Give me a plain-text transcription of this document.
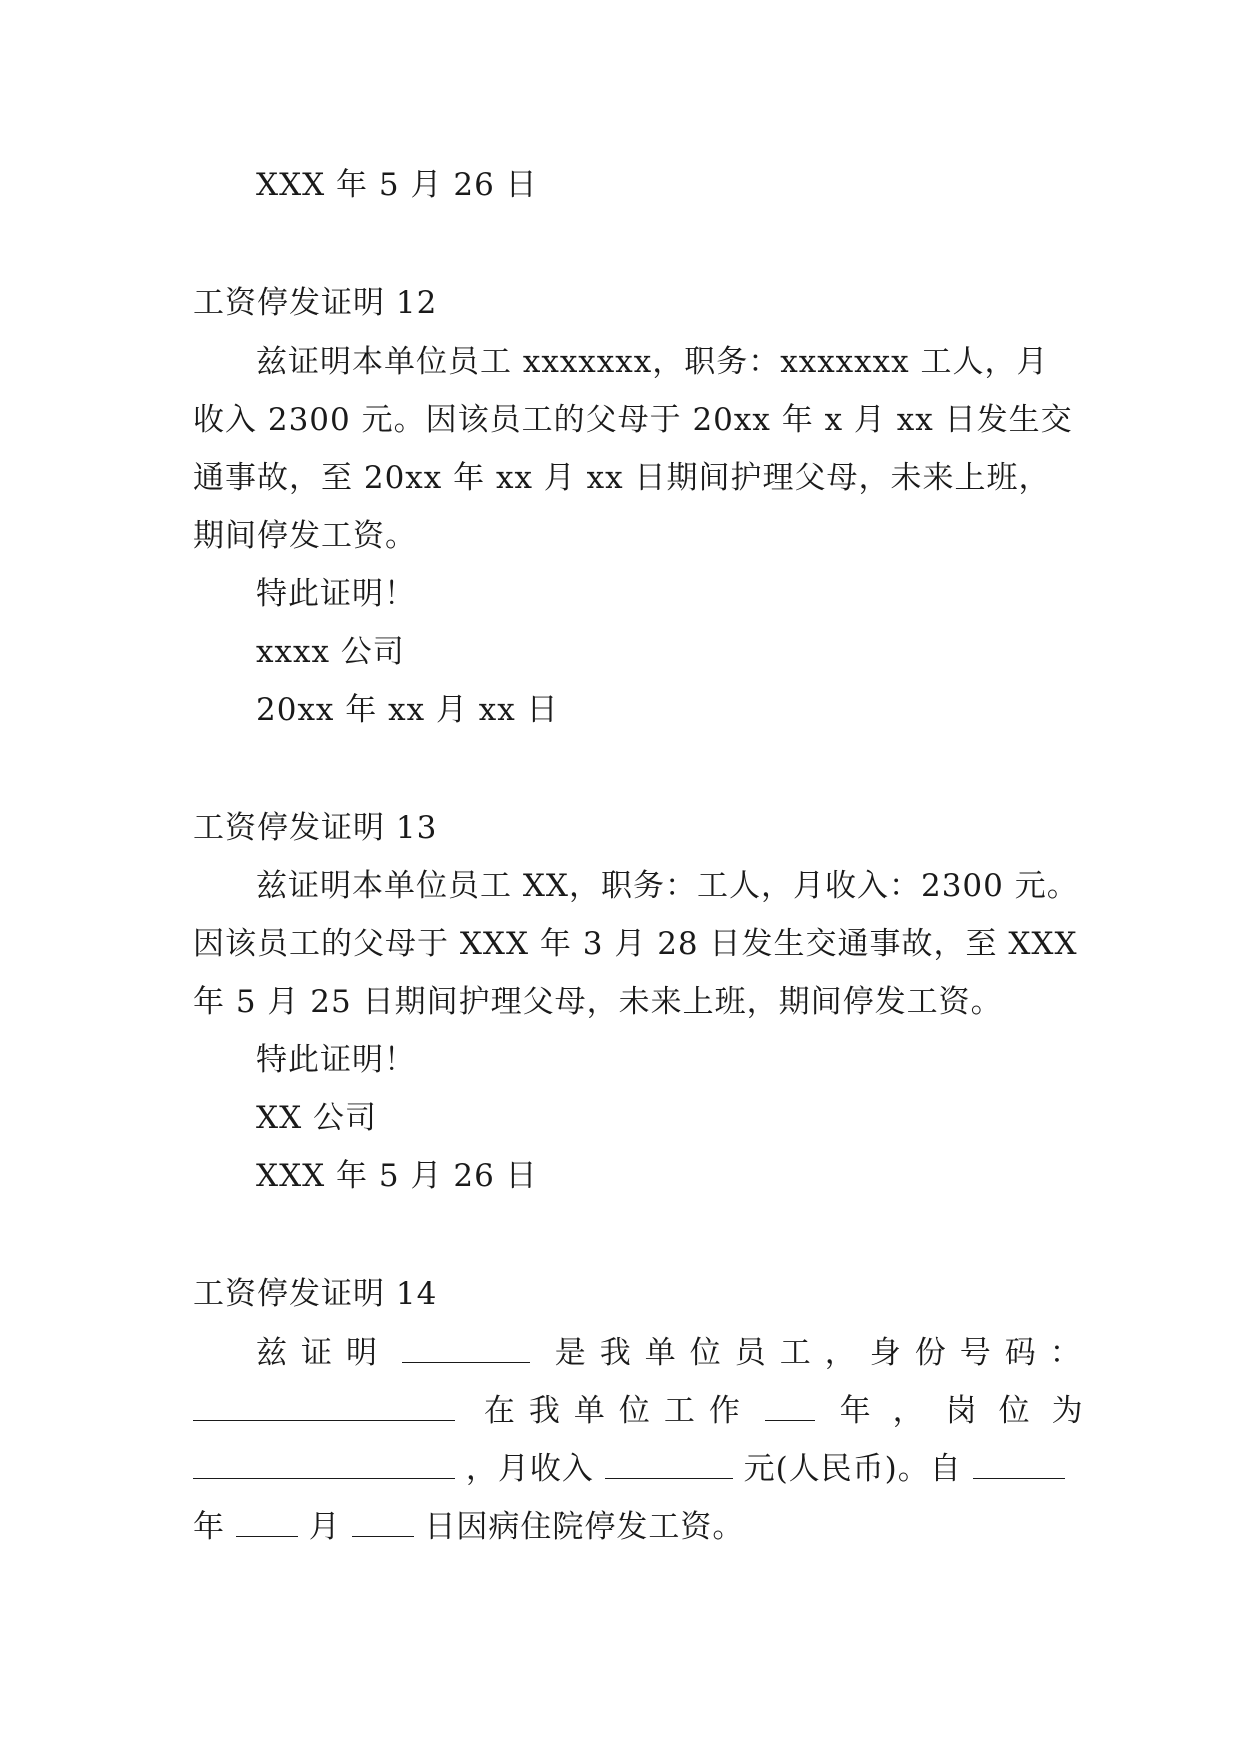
XXX 年 5 月 26 日
工资停发证明 12
兹证明本单位员工 xxxxxxx，职务：xxxxxxx 工人，月
收入 2300 元。因该员工的父母于 20xx 年 x 月 xx 日发生交
通事故，至 20xx 年 xx 月 xx 日期间护理父母，未来上班，
期间停发工资。
特此证明！
xxxx 公司
20xx 年 xx 月 xx 日
工资停发证明 13
兹证明本单位员工 XX，职务：工人，月收入：2300 元。
因该员工的父母于 XXX 年 3 月 28 日发生交通事故，至 XXX
年 5 月 25 日期间护理父母，未来上班，期间停发工资。
特此证明！
XX 公司
XXX 年 5 月 26 日
工资停发证明 14
兹证明	是我单位员工，身份号码：
在我单位工作	年，岗位为
，月收入	元(人民币)。自
年	月	日因病住院停发工资。
